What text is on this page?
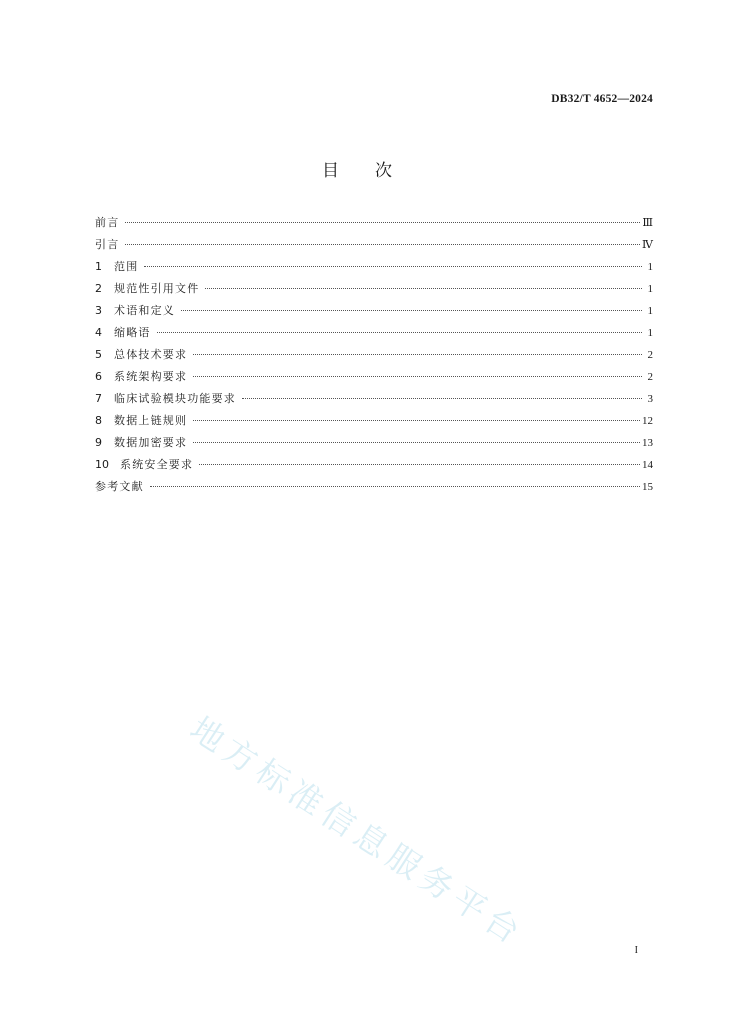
DB32/T 4652—2024
目次
前言	Ⅲ
引言	Ⅳ
1	范围	1
2	规范性引用文件	1
3	术语和定义	1
4	缩略语	1
5	总体技术要求	2
6	系统架构要求	2
7	临床试验模块功能要求	3
8	数据上链规则	12
9	数据加密要求	13
10	系统安全要求	14
参考文献	15
地方标准信息服务平台	I
